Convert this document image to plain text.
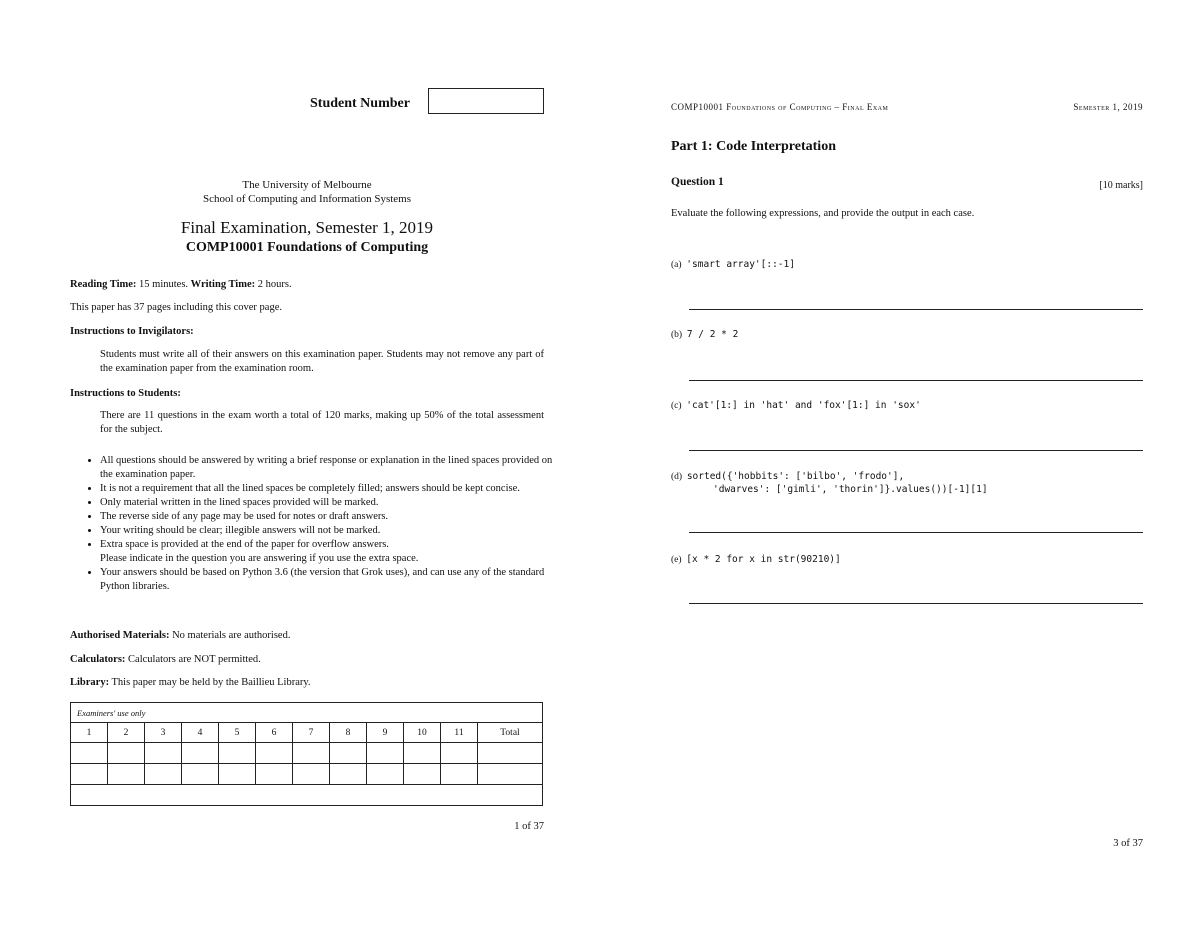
Student Number
The University of Melbourne
School of Computing and Information Systems
Final Examination, Semester 1, 2019
COMP10001 Foundations of Computing
Reading Time: 15 minutes. Writing Time: 2 hours.
This paper has 37 pages including this cover page.
Instructions to Invigilators:
Students must write all of their answers on this examination paper. Students may not remove any part of the examination paper from the examination room.
Instructions to Students:
There are 11 questions in the exam worth a total of 120 marks, making up 50% of the total assessment for the subject.
• All questions should be answered by writing a brief response or explanation in the lined spaces provided on the examination paper.
• It is not a requirement that all the lined spaces be completely filled; answers should be kept concise.
• Only material written in the lined spaces provided will be marked.
• The reverse side of any page may be used for notes or draft answers.
• Your writing should be clear; illegible answers will not be marked.
• Extra space is provided at the end of the paper for overflow answers.
Please indicate in the question you are answering if you use the extra space.
• Your answers should be based on Python 3.6 (the version that Grok uses), and can use any of the standard Python libraries.
Authorised Materials: No materials are authorised.
Calculators: Calculators are NOT permitted.
Library: This paper may be held by the Baillieu Library.
Examiners' use only											
1	2	3	4	5	6	7	8	9	10	11	Total

1 of 37
COMP10001 Foundations of Computing – Final Exam	Semester 1, 2019
Part 1: Code Interpretation
Question 1	[10 marks]
Evaluate the following expressions, and provide the output in each case.
(a) 'smart array'[::-1]
(b) 7 / 2 * 2
(c) 'cat'[1:] in 'hat' and 'fox'[1:] in 'sox'
(d) sorted({'hobbits': ['bilbo', 'frodo'],
'dwarves': ['gimli', 'thorin']}.values())[-1][1]
(e) [x * 2 for x in str(90210)]
3 of 37
